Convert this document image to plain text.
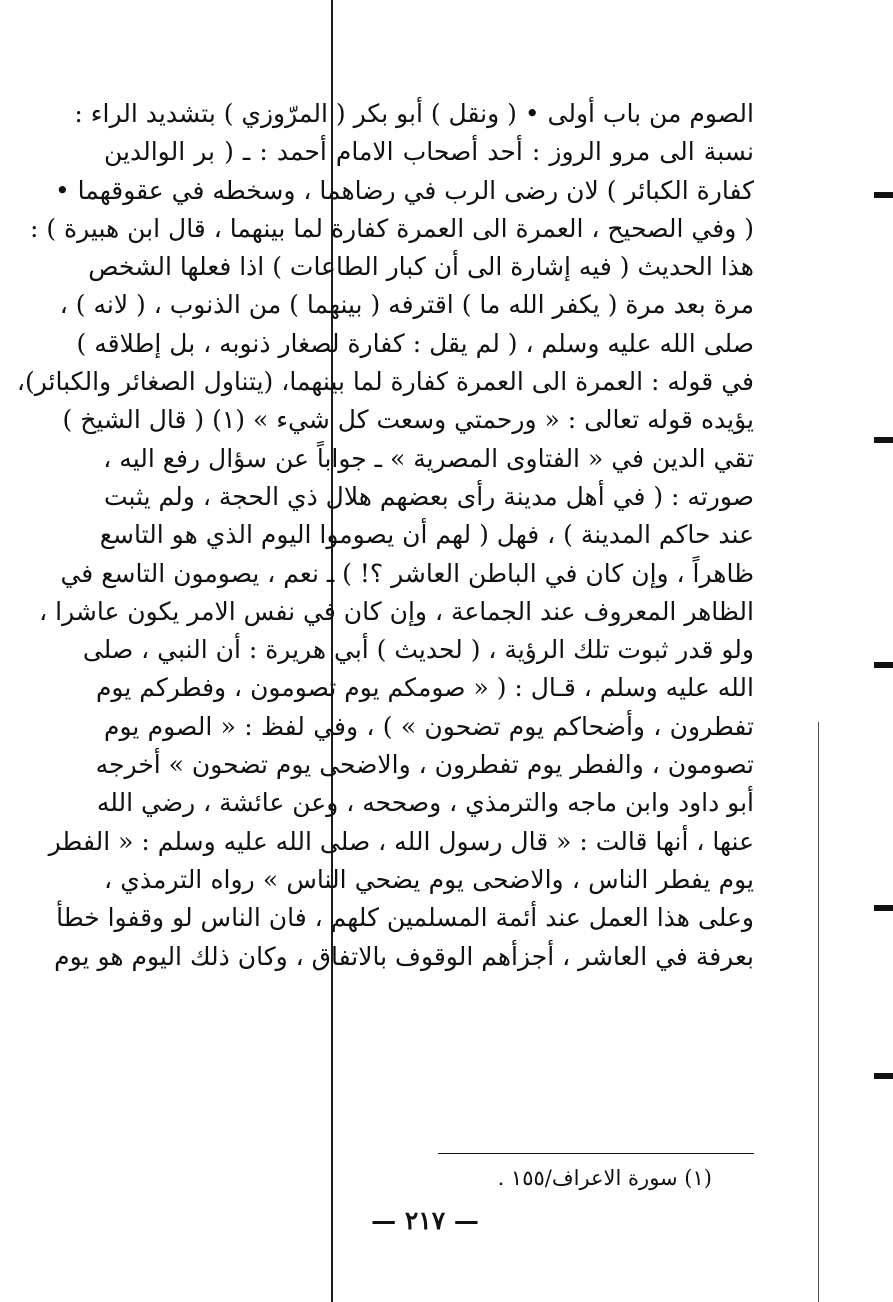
الصوم من باب أولى • ( ونقل ) أبو بكر ( المرّوزي ) بتشديد الراء :
نسبة الى مرو الروز : أحد أصحاب الامام أحمد : ـ ( بر الوالدين
كفارة الكبائر ) لان رضى الرب في رضاهما ، وسخطه في عقوقهما •
( وفي الصحيح ، العمرة الى العمرة كفارة لما بينهما ، قال ابن هبيرة ) :
هذا الحديث ( فيه إشارة الى أن كبار الطاعات ) اذا فعلها الشخص
مرة بعد مرة ( يكفر الله ما ) اقترفه ( بينهما ) من الذنوب ، ( لانه ) ،
صلى الله عليه وسلم ، ( لم يقل : كفارة لصغار ذنوبه ، بل إطلاقه )
في قوله : العمرة الى العمرة كفارة لما بينهما، (يتناول الصغائر والكبائر)،
يؤيده قوله تعالى : « ورحمتي وسعت كل شيء » (١) ( قال الشيخ )
تقي الدين في « الفتاوى المصرية » ـ جواباً عن سؤال رفع اليه ،
صورته : ( في أهل مدينة رأى بعضهم هلال ذي الحجة ، ولم يثبت
عند حاكم المدينة ) ، فهل ( لهم أن يصوموا اليوم الذي هو التاسع
ظاهراً ، وإن كان في الباطن العاشر ؟! ) ـ نعم ، يصومون التاسع في
الظاهر المعروف عند الجماعة ، وإن كان في نفس الامر يكون عاشرا ،
ولو قدر ثبوت تلك الرؤية ، ( لحديث ) أبي هريرة : أن النبي ، صلى
الله عليه وسلم ، قـال : ( « صومكم يوم تصومون ، وفطركم يوم
تفطرون ، وأضحاكم يوم تضحون » ) ، وفي لفظ : « الصوم يوم
تصومون ، والفطر يوم تفطرون ، والاضحى يوم تضحون » أخرجه
أبو داود وابن ماجه والترمذي ، وصححه ، وعن عائشة ، رضي الله
عنها ، أنها قالت : « قال رسول الله ، صلى الله عليه وسلم : « الفطر
يوم يفطر الناس ، والاضحى يوم يضحي الناس » رواه الترمذي ،
وعلى هذا العمل عند أئمة المسلمين كلهم ، فان الناس لو وقفوا خطأ
بعرفة في العاشر ، أجزأهم الوقوف بالاتفاق ، وكان ذلك اليوم هو يوم
(١) سورة الاعراف/١٥٥ .
— ٢١٧ —
